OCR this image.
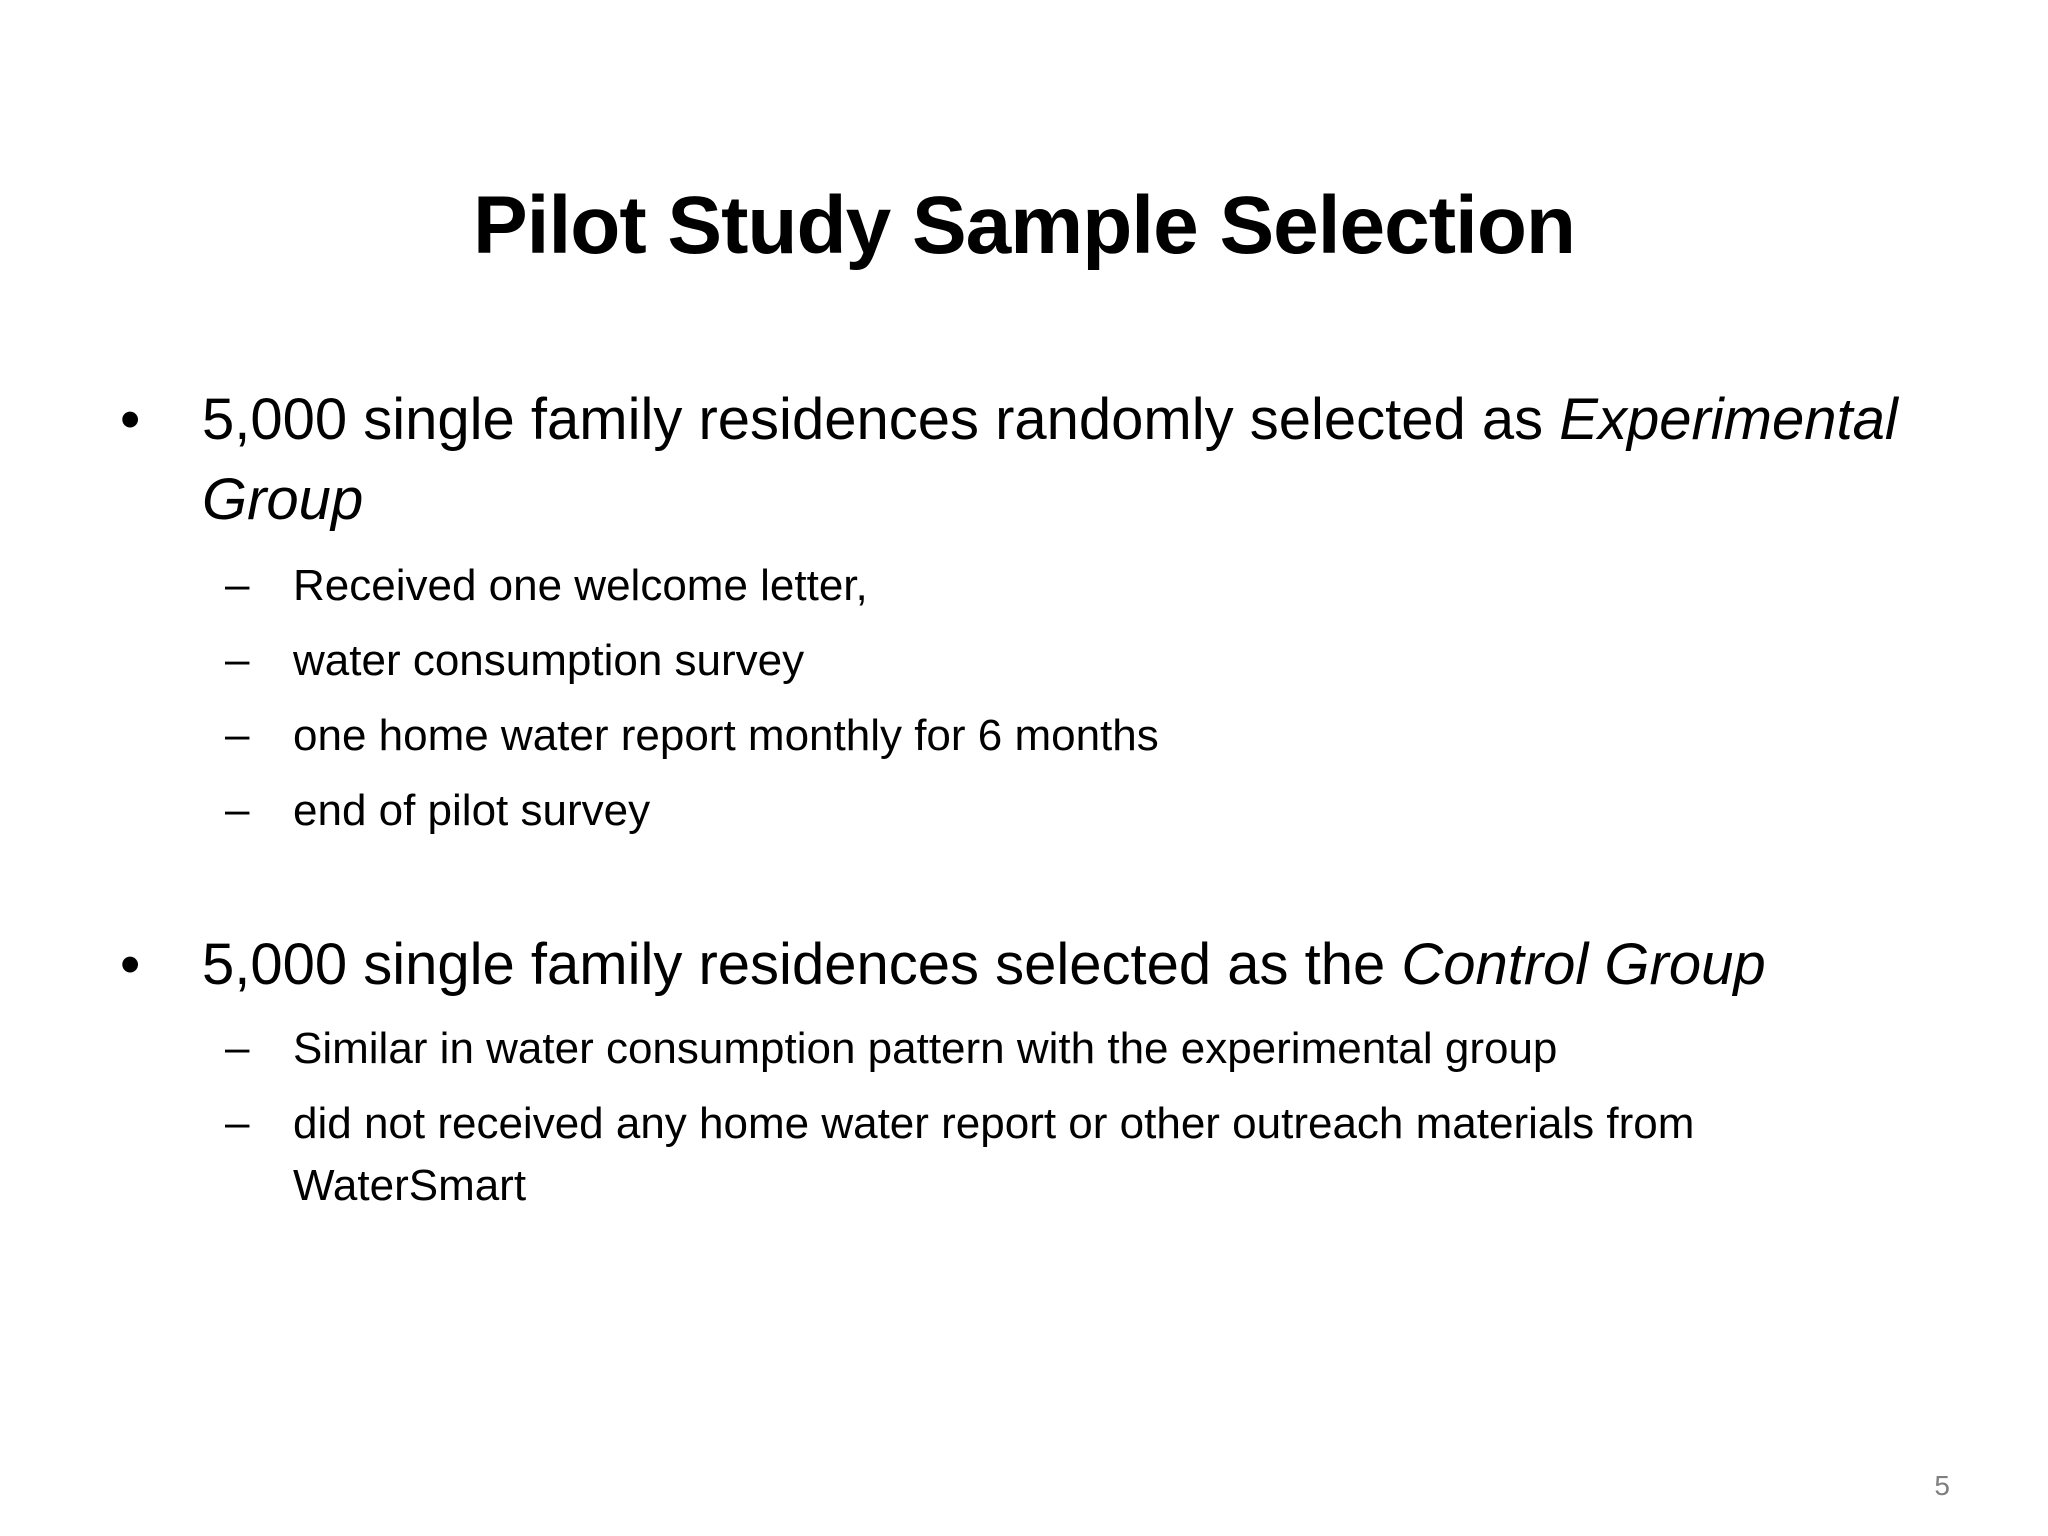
Pilot Study Sample Selection
•	5,000 single family residences randomly selected as Experimental Group
– Received one welcome letter,
– water consumption survey
– one home water report monthly for 6 months
– end of pilot survey
•	5,000 single family residences selected as the Control Group
– Similar in water consumption pattern with the experimental group
– did not received any home water report or other outreach materials from WaterSmart
5
